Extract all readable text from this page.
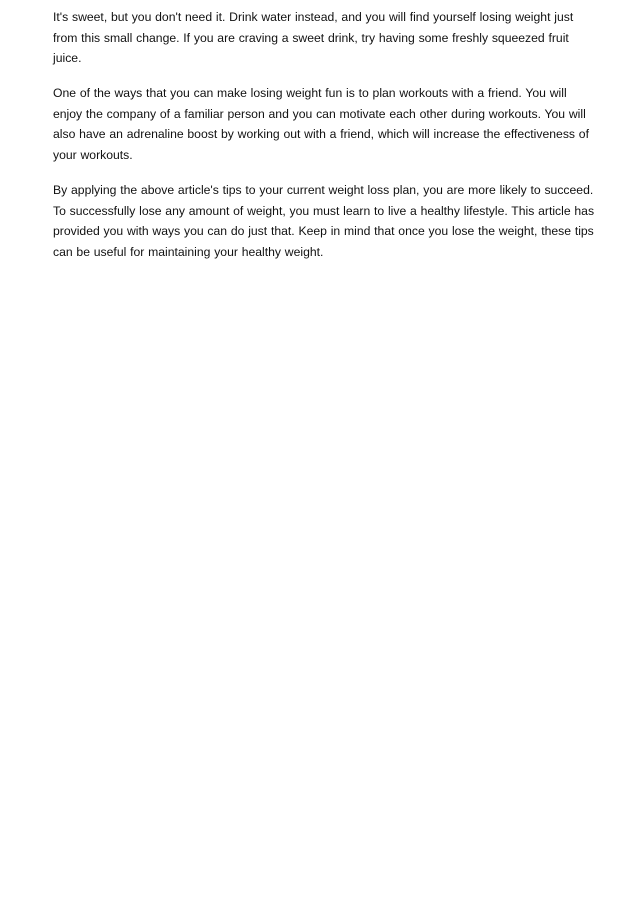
It's sweet, but you don't need it. Drink water instead, and you will find yourself losing weight just from this small change. If you are craving a sweet drink, try having some freshly squeezed fruit juice.

One of the ways that you can make losing weight fun is to plan workouts with a friend. You will enjoy the company of a familiar person and you can motivate each other during workouts. You will also have an adrenaline boost by working out with a friend, which will increase the effectiveness of your workouts.

By applying the above article's tips to your current weight loss plan, you are more likely to succeed. To successfully lose any amount of weight, you must learn to live a healthy lifestyle. This article has provided you with ways you can do just that. Keep in mind that once you lose the weight, these tips can be useful for maintaining your healthy weight.
